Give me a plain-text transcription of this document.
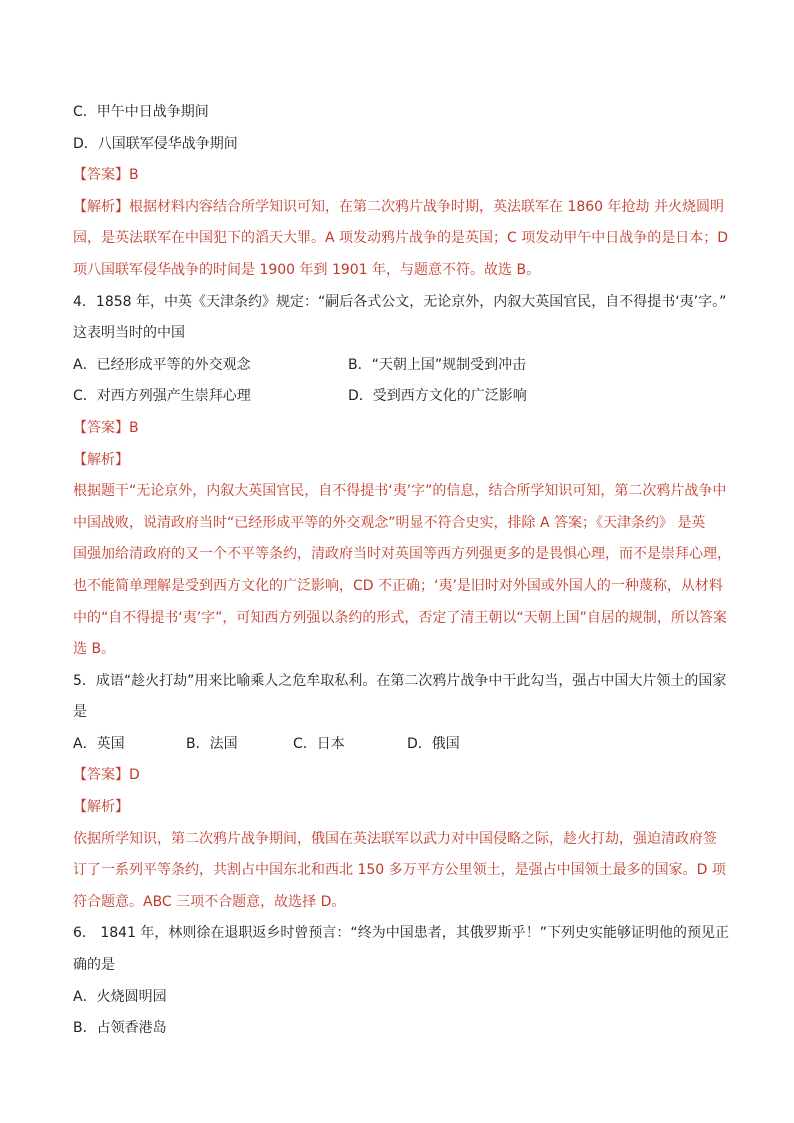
C．甲午中日战争期间
D．八国联军侵华战争期间
【答案】B
【解析】根据材料内容结合所学知识可知，在第二次鸦片战争时期，英法联军在 1860 年抢劫 并火烧圆明
园，是英法联军在中国犯下的滔天大罪。A 项发动鸦片战争的是英国；C 项发动甲午中日战争的是日本；D
项八国联军侵华战争的时间是 1900 年到 1901 年，与题意不符。故选 B。
4．1858 年，中英《天津条约》规定：“嗣后各式公文，无论京外，内叙大英国官民，自不得提书‘夷’字。”
这表明当时的中国
A．已经形成平等的外交观念	B．“天朝上国”规制受到冲击
C．对西方列强产生崇拜心理	D．受到西方文化的广泛影响
【答案】B
【解析】
根据题干“无论京外，内叙大英国官民，自不得提书‘夷’字”的信息，结合所学知识可知，第二次鸦片战争中
中国战败，说清政府当时“已经形成平等的外交观念”明显不符合史实，排除 A 答案；《天津条约》 是英
国强加给清政府的又一个不平等条约，清政府当时对英国等西方列强更多的是畏惧心理，而不是崇拜心理，
也不能简单理解是受到西方文化的广泛影响，CD 不正确；‘夷’是旧时对外国或外国人的一种蔑称，从材料
中的“自不得提书‘夷’字”，可知西方列强以条约的形式，否定了清王朝以“天朝上国”自居的规制，所以答案
选 B。
5．成语“趁火打劫”用来比喻乘人之危牟取私利。在第二次鸦片战争中干此勾当，强占中国大片领土的国家
是
A．英国	B．法国	C．日本	D．俄国
【答案】D
【解析】
依据所学知识，第二次鸦片战争期间，俄国在英法联军以武力对中国侵略之际，趁火打劫，强迫清政府签
订了一系列平等条约，共割占中国东北和西北 150 多万平方公里领土，是强占中国领土最多的国家。D 项
符合题意。ABC 三项不合题意，故选择 D。
6． 1841 年，林则徐在退职返乡时曾预言：“终为中国患者，其俄罗斯乎！”下列史实能够证明他的预见正
确的是
A．火烧圆明园
B．占领香港岛
